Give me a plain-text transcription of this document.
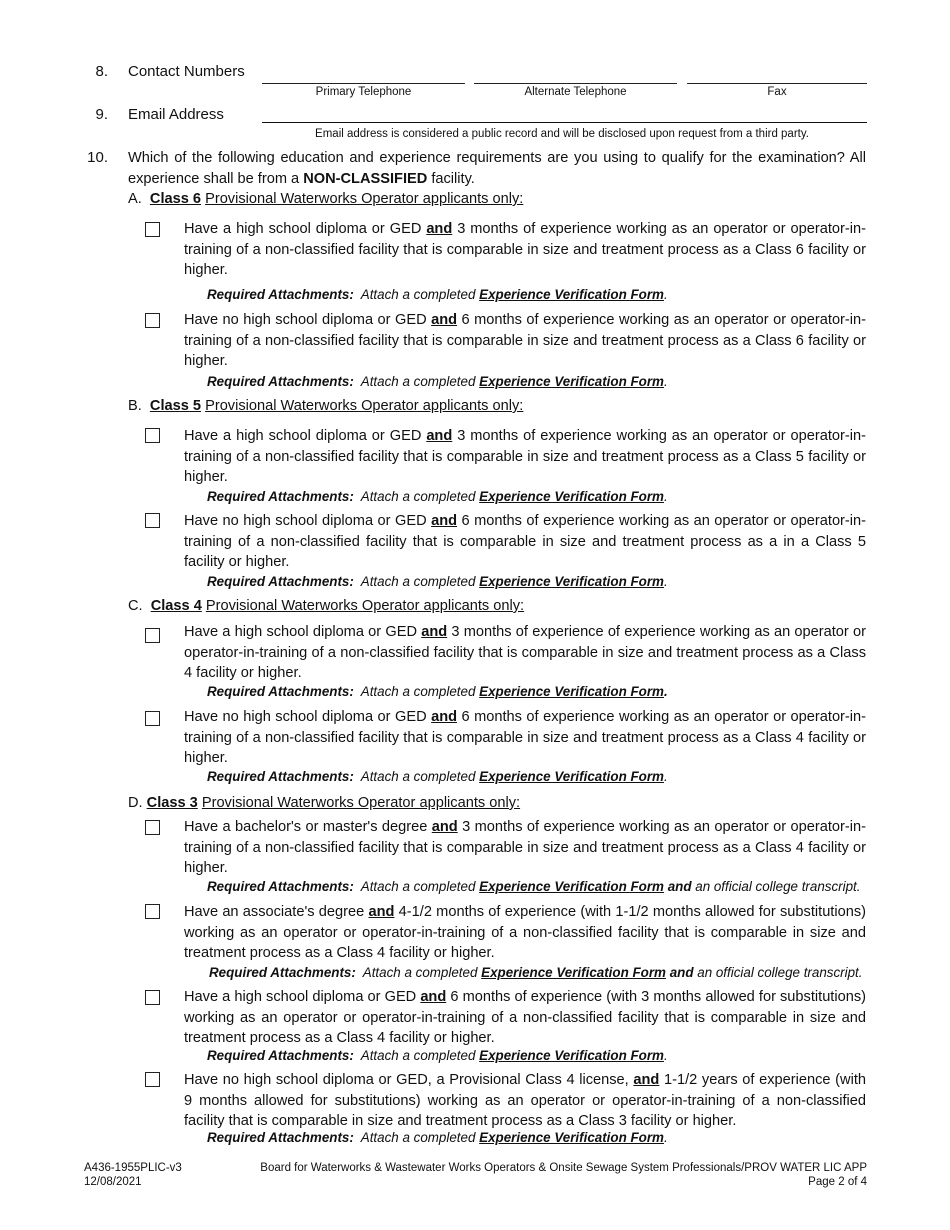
8. Contact Numbers
Primary Telephone	Alternate Telephone	Fax
9. Email Address
Email address is considered a public record and will be disclosed upon request from a third party.
10. Which of the following education and experience requirements are you using to qualify for the examination? All experience shall be from a NON-CLASSIFIED facility.

A. Class 6 Provisional Waterworks Operator applicants only:

Have a high school diploma or GED and 3 months of experience working as an operator or operator-in-training of a non-classified facility that is comparable in size and treatment process as a Class 6 facility or higher.

Required Attachments: Attach a completed Experience Verification Form.

Have no high school diploma or GED and 6 months of experience working as an operator or operator-in-training of a non-classified facility that is comparable in size and treatment process as a Class 6 facility or higher.

Required Attachments: Attach a completed Experience Verification Form.
B. Class 5 Provisional Waterworks Operator applicants only:

Have a high school diploma or GED and 3 months of experience working as an operator or operator-in-training of a non-classified facility that is comparable in size and treatment process as a Class 5 facility or higher.

Required Attachments: Attach a completed Experience Verification Form.

Have no high school diploma or GED and 6 months of experience working as an operator or operator-in-training of a non-classified facility that is comparable in size and treatment process as a in a Class 5 facility or higher.

Required Attachments: Attach a completed Experience Verification Form.
C. Class 4 Provisional Waterworks Operator applicants only:

Have a high school diploma or GED and 3 months of experience of experience working as an operator or operator-in-training of a non-classified facility that is comparable in size and treatment process as a Class 4 facility or higher.

Required Attachments: Attach a completed Experience Verification Form.

Have no high school diploma or GED and 6 months of experience working as an operator or operator-in-training of a non-classified facility that is comparable in size and treatment process as a Class 4 facility or higher.

Required Attachments: Attach a completed Experience Verification Form.
D. Class 3 Provisional Waterworks Operator applicants only:

Have a bachelor's or master's degree and 3 months of experience working as an operator or operator-in-training of a non-classified facility that is comparable in size and treatment process as a Class 4 facility or higher.

Required Attachments: Attach a completed Experience Verification Form and an official college transcript.

Have an associate's degree and 4-1/2 months of experience (with 1-1/2 months allowed for substitutions) working as an operator or operator-in-training of a non-classified facility that is comparable in size and treatment process as a Class 4 facility or higher.

Required Attachments: Attach a completed Experience Verification Form and an official college transcript.

Have a high school diploma or GED and 6 months of experience (with 3 months allowed for substitutions) working as an operator or operator-in-training of a non-classified facility that is comparable in size and treatment process as a Class 4 facility or higher.

Required Attachments: Attach a completed Experience Verification Form.

Have no high school diploma or GED, a Provisional Class 4 license, and 1-1/2 years of experience (with 9 months allowed for substitutions) working as an operator or operator-in-training of a non-classified facility that is comparable in size and treatment process as a Class 3 facility or higher.

Required Attachments: Attach a completed Experience Verification Form.
A436-1955PLIC-v3
12/08/2021
Board for Waterworks & Wastewater Works Operators & Onsite Sewage System Professionals/PROV WATER LIC APP
Page 2 of 4
